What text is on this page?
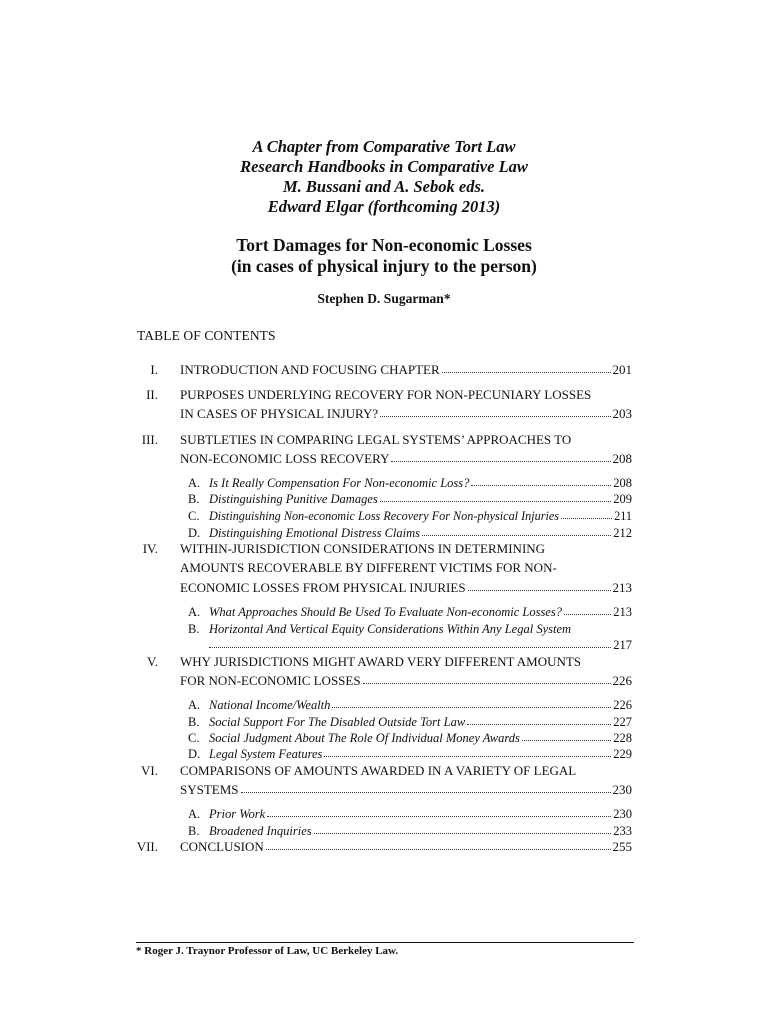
A Chapter from Comparative Tort Law
Research Handbooks in Comparative Law
M. Bussani and A. Sebok eds.
Edward Elgar (forthcoming 2013)
Tort Damages for Non-economic Losses
(in cases of physical injury to the person)
Stephen D. Sugarman*
TABLE OF CONTENTS
I. INTRODUCTION AND FOCUSING CHAPTER	201
II. PURPOSES UNDERLYING RECOVERY FOR NON-PECUNIARY LOSSES
IN CASES OF PHYSICAL INJURY?	203
III. SUBTLETIES IN COMPARING LEGAL SYSTEMS’ APPROACHES TO
NON-ECONOMIC LOSS RECOVERY	208
A. Is It Really Compensation For Non-economic Loss?	208
B. Distinguishing Punitive Damages	209
C. Distinguishing Non-economic Loss Recovery For Non-physical Injuries	211
D. Distinguishing Emotional Distress Claims	212
IV. WITHIN-JURISDICTION CONSIDERATIONS IN DETERMINING
AMOUNTS RECOVERABLE BY DIFFERENT VICTIMS FOR NON-
ECONOMIC LOSSES FROM PHYSICAL INJURIES	213
A. What Approaches Should Be Used To Evaluate Non-economic Losses?	213
B. Horizontal And Vertical Equity Considerations Within Any Legal System
217
V. WHY JURISDICTIONS MIGHT AWARD VERY DIFFERENT AMOUNTS
FOR NON-ECONOMIC LOSSES	226
A. National Income/Wealth	226
B. Social Support For The Disabled Outside Tort Law	227
C. Social Judgment About The Role Of Individual Money Awards	228
D. Legal System Features	229
VI. COMPARISONS OF AMOUNTS AWARDED IN A VARIETY OF LEGAL
SYSTEMS	230
A. Prior Work	230
B. Broadened Inquiries	233
VII. CONCLUSION	255
* Roger J. Traynor Professor of Law, UC Berkeley Law.
